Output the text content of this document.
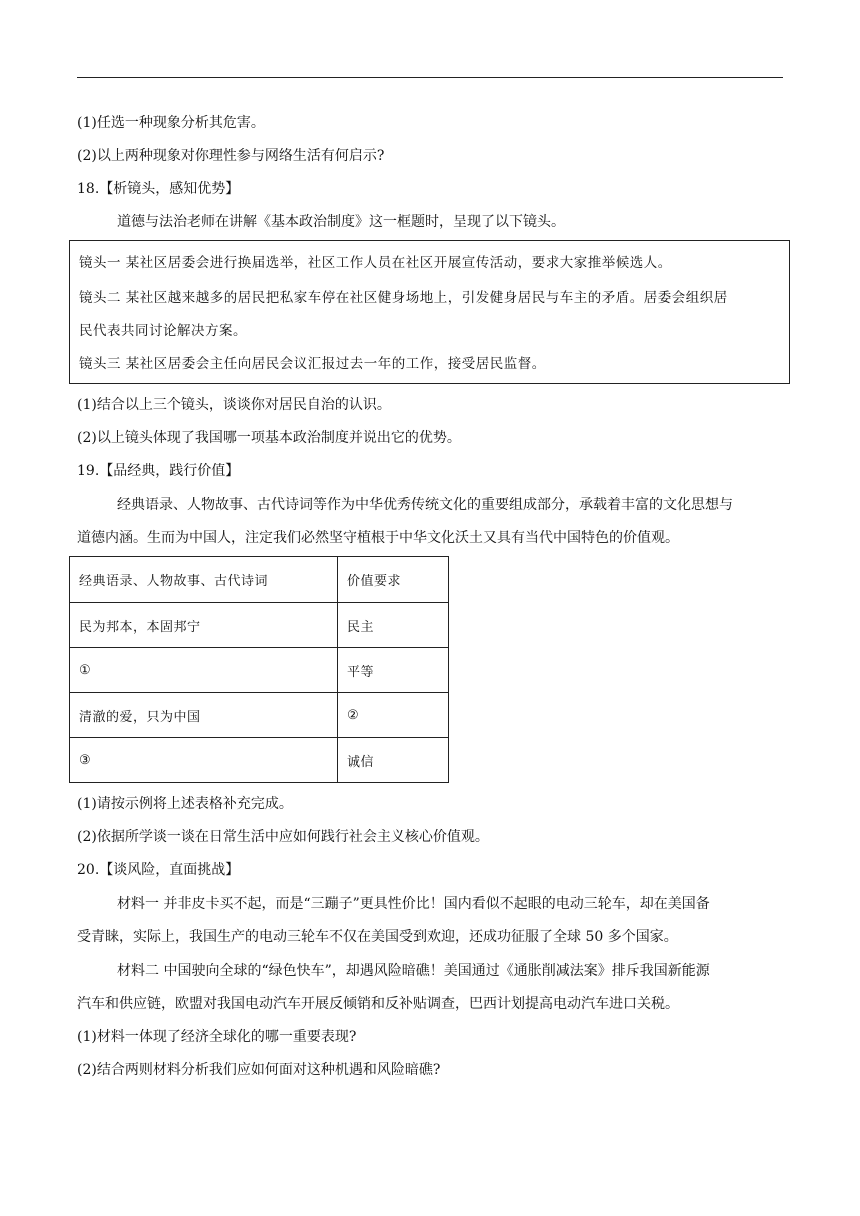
(1)任选一种现象分析其危害。
(2)以上两种现象对你理性参与网络生活有何启示?
18.【析镜头，感知优势】
道德与法治老师在讲解《基本政治制度》这一框题时，呈现了以下镜头。
镜头一 某社区居委会进行换届选举，社区工作人员在社区开展宣传活动，要求大家推举候选人。
镜头二 某社区越来越多的居民把私家车停在社区健身场地上，引发健身居民与车主的矛盾。居委会组织居
民代表共同讨论解决方案。
镜头三 某社区居委会主任向居民会议汇报过去一年的工作，接受居民监督。
(1)结合以上三个镜头，谈谈你对居民自治的认识。
(2)以上镜头体现了我国哪一项基本政治制度并说出它的优势。
19.【品经典，践行价值】
经典语录、人物故事、古代诗词等作为中华优秀传统文化的重要组成部分，承载着丰富的文化思想与
道德内涵。生而为中国人，注定我们必然坚守植根于中华文化沃土又具有当代中国特色的价值观。
经典语录、人物故事、古代诗词	价值要求
民为邦本，本固邦宁	民主
①	平等
清澈的爱，只为中国	②
③	诚信
(1)请按示例将上述表格补充完成。
(2)依据所学谈一谈在日常生活中应如何践行社会主义核心价值观。
20.【谈风险，直面挑战】
材料一 并非皮卡买不起，而是“三蹦子”更具性价比！国内看似不起眼的电动三轮车，却在美国备
受青睐，实际上，我国生产的电动三轮车不仅在美国受到欢迎，还成功征服了全球 50 多个国家。
材料二 中国驶向全球的“绿色快车”，却遇风险暗礁！美国通过《通胀削减法案》排斥我国新能源
汽车和供应链，欧盟对我国电动汽车开展反倾销和反补贴调查，巴西计划提高电动汽车进口关税。
(1)材料一体现了经济全球化的哪一重要表现?
(2)结合两则材料分析我们应如何面对这种机遇和风险暗礁?
